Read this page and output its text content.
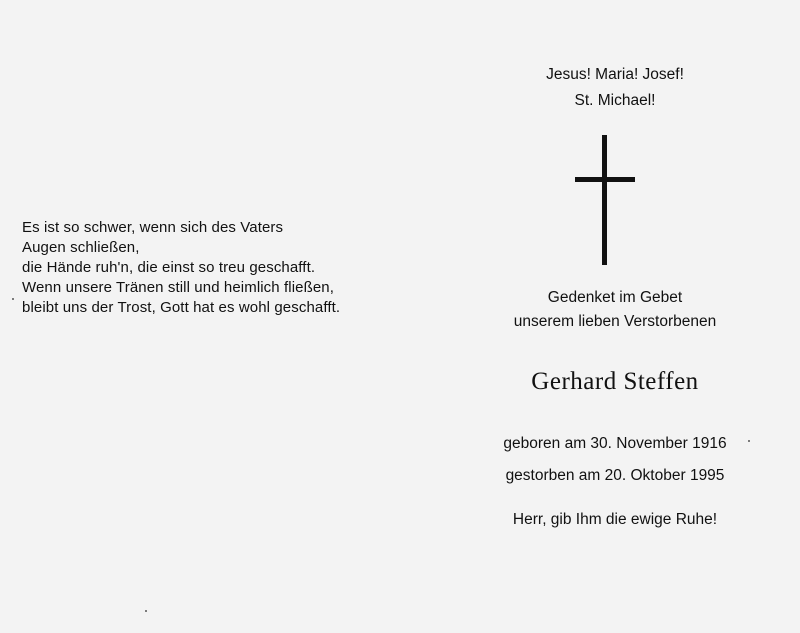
Es ist so schwer, wenn sich des Vaters
Augen schließen,
die Hände ruh'n, die einst so treu geschafft.
Wenn unsere Tränen still und heimlich fließen,
bleibt uns der Trost, Gott hat es wohl geschafft.
Jesus! Maria! Josef!
St. Michael!
Gedenket im Gebet
unserem lieben Verstorbenen
Gerhard Steffen
geboren am 30. November 1916
gestorben am 20. Oktober 1995
Herr, gib Ihm die ewige Ruhe!
